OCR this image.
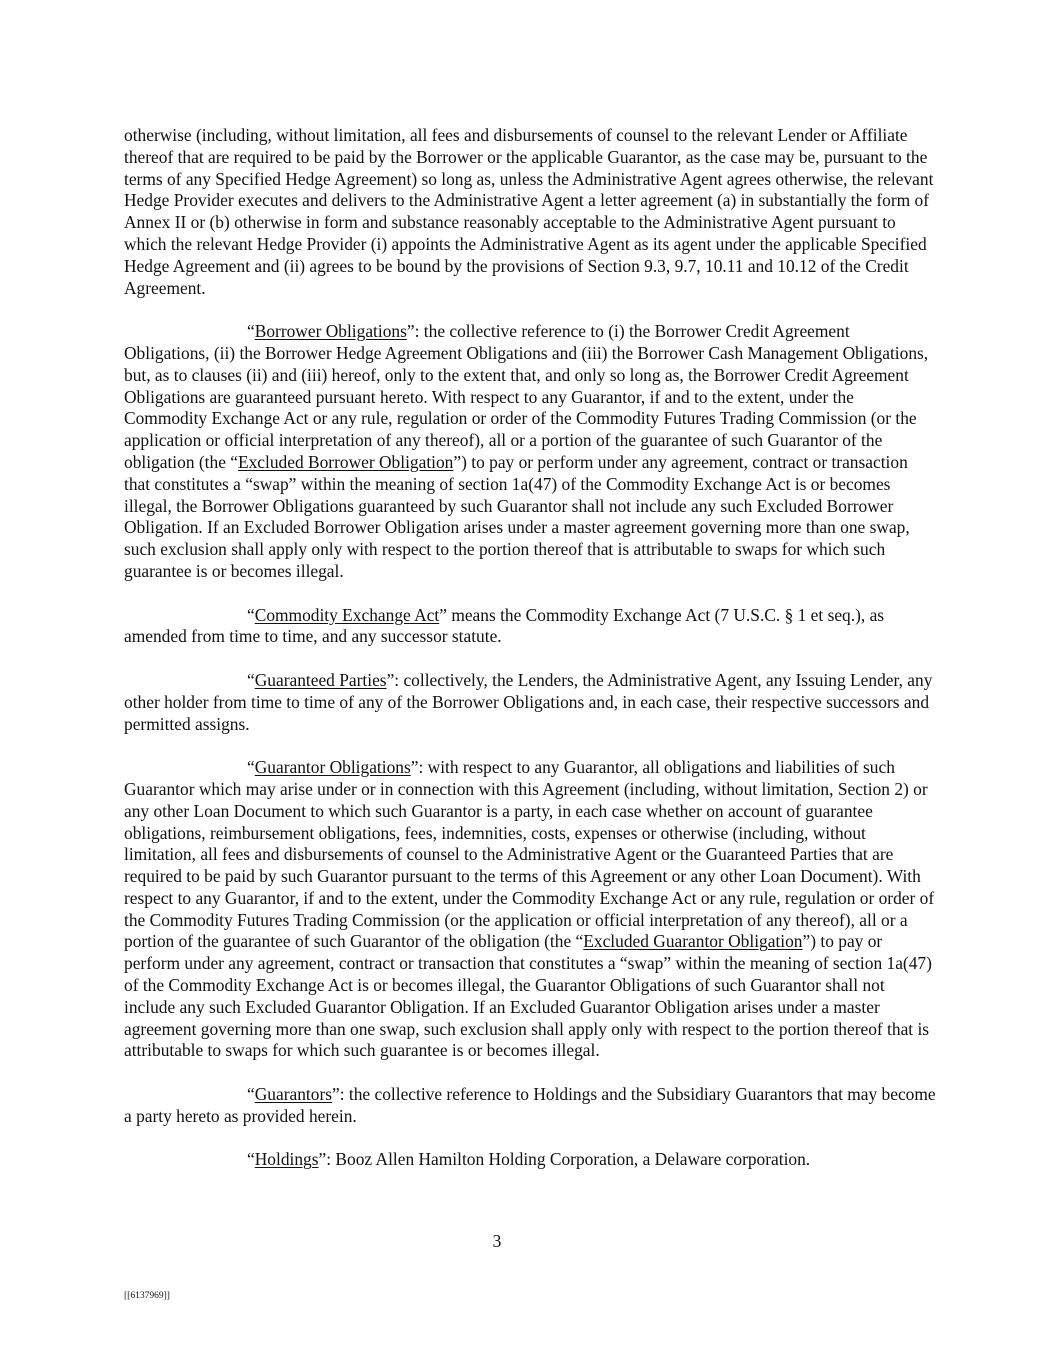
otherwise (including, without limitation, all fees and disbursements of counsel to the relevant Lender or Affiliate thereof that are required to be paid by the Borrower or the applicable Guarantor, as the case may be, pursuant to the terms of any Specified Hedge Agreement) so long as, unless the Administrative Agent agrees otherwise, the relevant Hedge Provider executes and delivers to the Administrative Agent a letter agreement (a) in substantially the form of Annex II or (b) otherwise in form and substance reasonably acceptable to the Administrative Agent pursuant to which the relevant Hedge Provider (i) appoints the Administrative Agent as its agent under the applicable Specified Hedge Agreement and (ii) agrees to be bound by the provisions of Section 9.3, 9.7, 10.11 and 10.12 of the Credit Agreement.

“Borrower Obligations”: the collective reference to (i) the Borrower Credit Agreement Obligations, (ii) the Borrower Hedge Agreement Obligations and (iii) the Borrower Cash Management Obligations, but, as to clauses (ii) and (iii) hereof, only to the extent that, and only so long as, the Borrower Credit Agreement Obligations are guaranteed pursuant hereto. With respect to any Guarantor, if and to the extent, under the Commodity Exchange Act or any rule, regulation or order of the Commodity Futures Trading Commission (or the application or official interpretation of any thereof), all or a portion of the guarantee of such Guarantor of the obligation (the “Excluded Borrower Obligation”) to pay or perform under any agreement, contract or transaction that constitutes a “swap” within the meaning of section 1a(47) of the Commodity Exchange Act is or becomes illegal, the Borrower Obligations guaranteed by such Guarantor shall not include any such Excluded Borrower Obligation. If an Excluded Borrower Obligation arises under a master agreement governing more than one swap, such exclusion shall apply only with respect to the portion thereof that is attributable to swaps for which such guarantee is or becomes illegal.

“Commodity Exchange Act” means the Commodity Exchange Act (7 U.S.C. § 1 et seq.), as amended from time to time, and any successor statute.

“Guaranteed Parties”: collectively, the Lenders, the Administrative Agent, any Issuing Lender, any other holder from time to time of any of the Borrower Obligations and, in each case, their respective successors and permitted assigns.

“Guarantor Obligations”: with respect to any Guarantor, all obligations and liabilities of such Guarantor which may arise under or in connection with this Agreement (including, without limitation, Section 2) or any other Loan Document to which such Guarantor is a party, in each case whether on account of guarantee obligations, reimbursement obligations, fees, indemnities, costs, expenses or otherwise (including, without limitation, all fees and disbursements of counsel to the Administrative Agent or the Guaranteed Parties that are required to be paid by such Guarantor pursuant to the terms of this Agreement or any other Loan Document). With respect to any Guarantor, if and to the extent, under the Commodity Exchange Act or any rule, regulation or order of the Commodity Futures Trading Commission (or the application or official interpretation of any thereof), all or a portion of the guarantee of such Guarantor of the obligation (the “Excluded Guarantor Obligation”) to pay or perform under any agreement, contract or transaction that constitutes a “swap” within the meaning of section 1a(47) of the Commodity Exchange Act is or becomes illegal, the Guarantor Obligations of such Guarantor shall not include any such Excluded Guarantor Obligation. If an Excluded Guarantor Obligation arises under a master agreement governing more than one swap, such exclusion shall apply only with respect to the portion thereof that is attributable to swaps for which such guarantee is or becomes illegal.

“Guarantors”: the collective reference to Holdings and the Subsidiary Guarantors that may become a party hereto as provided herein.

“Holdings”: Booz Allen Hamilton Holding Corporation, a Delaware corporation.

3
[[6137969]]
